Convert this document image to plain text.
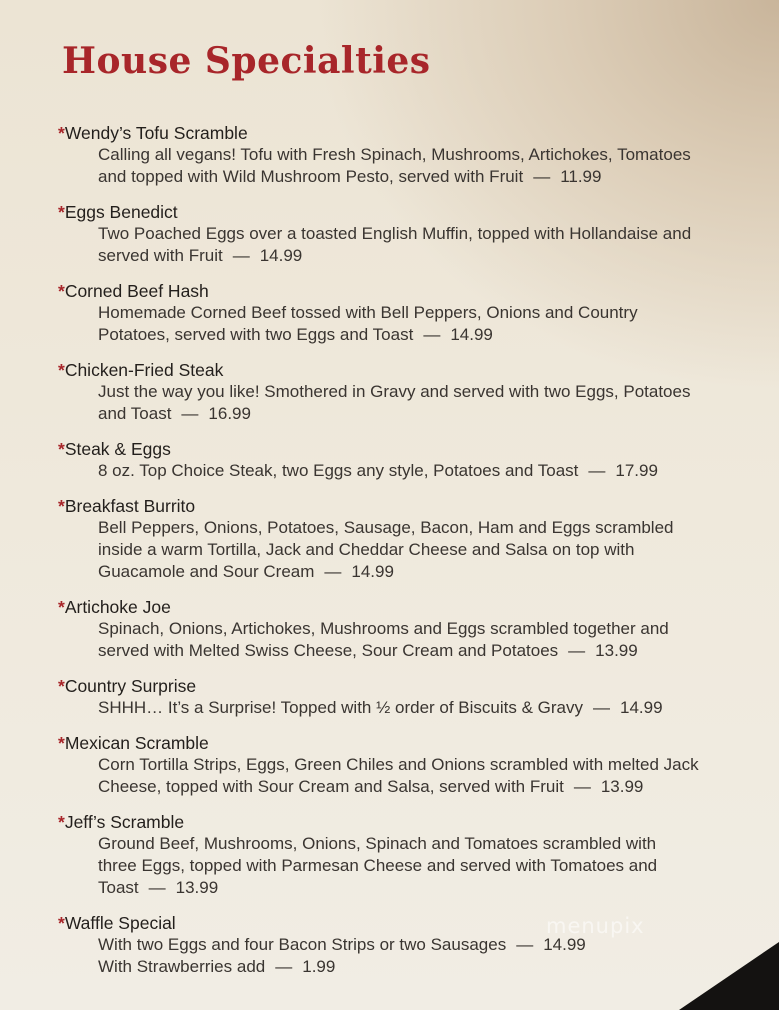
House Specialties
*Wendy’s Tofu Scramble
Calling all vegans! Tofu with Fresh Spinach, Mushrooms, Artichokes, Tomatoes
and topped with Wild Mushroom Pesto, served with Fruit — 11.99
*Eggs Benedict
Two Poached Eggs over a toasted English Muffin, topped with Hollandaise and
served with Fruit — 14.99
*Corned Beef Hash
Homemade Corned Beef tossed with Bell Peppers, Onions and Country
Potatoes, served with two Eggs and Toast — 14.99
*Chicken-Fried Steak
Just the way you like! Smothered in Gravy and served with two Eggs, Potatoes
and Toast — 16.99
*Steak & Eggs
8 oz. Top Choice Steak, two Eggs any style, Potatoes and Toast — 17.99
*Breakfast Burrito
Bell Peppers, Onions, Potatoes, Sausage, Bacon, Ham and Eggs scrambled
inside a warm Tortilla, Jack and Cheddar Cheese and Salsa on top with
Guacamole and Sour Cream — 14.99
*Artichoke Joe
Spinach, Onions, Artichokes, Mushrooms and Eggs scrambled together and
served with Melted Swiss Cheese, Sour Cream and Potatoes — 13.99
*Country Surprise
SHHH… It’s a Surprise! Topped with ½ order of Biscuits & Gravy — 14.99
*Mexican Scramble
Corn Tortilla Strips, Eggs, Green Chiles and Onions scrambled with melted Jack
Cheese, topped with Sour Cream and Salsa, served with Fruit — 13.99
*Jeff’s Scramble
Ground Beef, Mushrooms, Onions, Spinach and Tomatoes scrambled with
three Eggs, topped with Parmesan Cheese and served with Tomatoes and
Toast — 13.99
*Waffle Special
With two Eggs and four Bacon Strips or two Sausages — 14.99
With Strawberries add — 1.99
menupix
